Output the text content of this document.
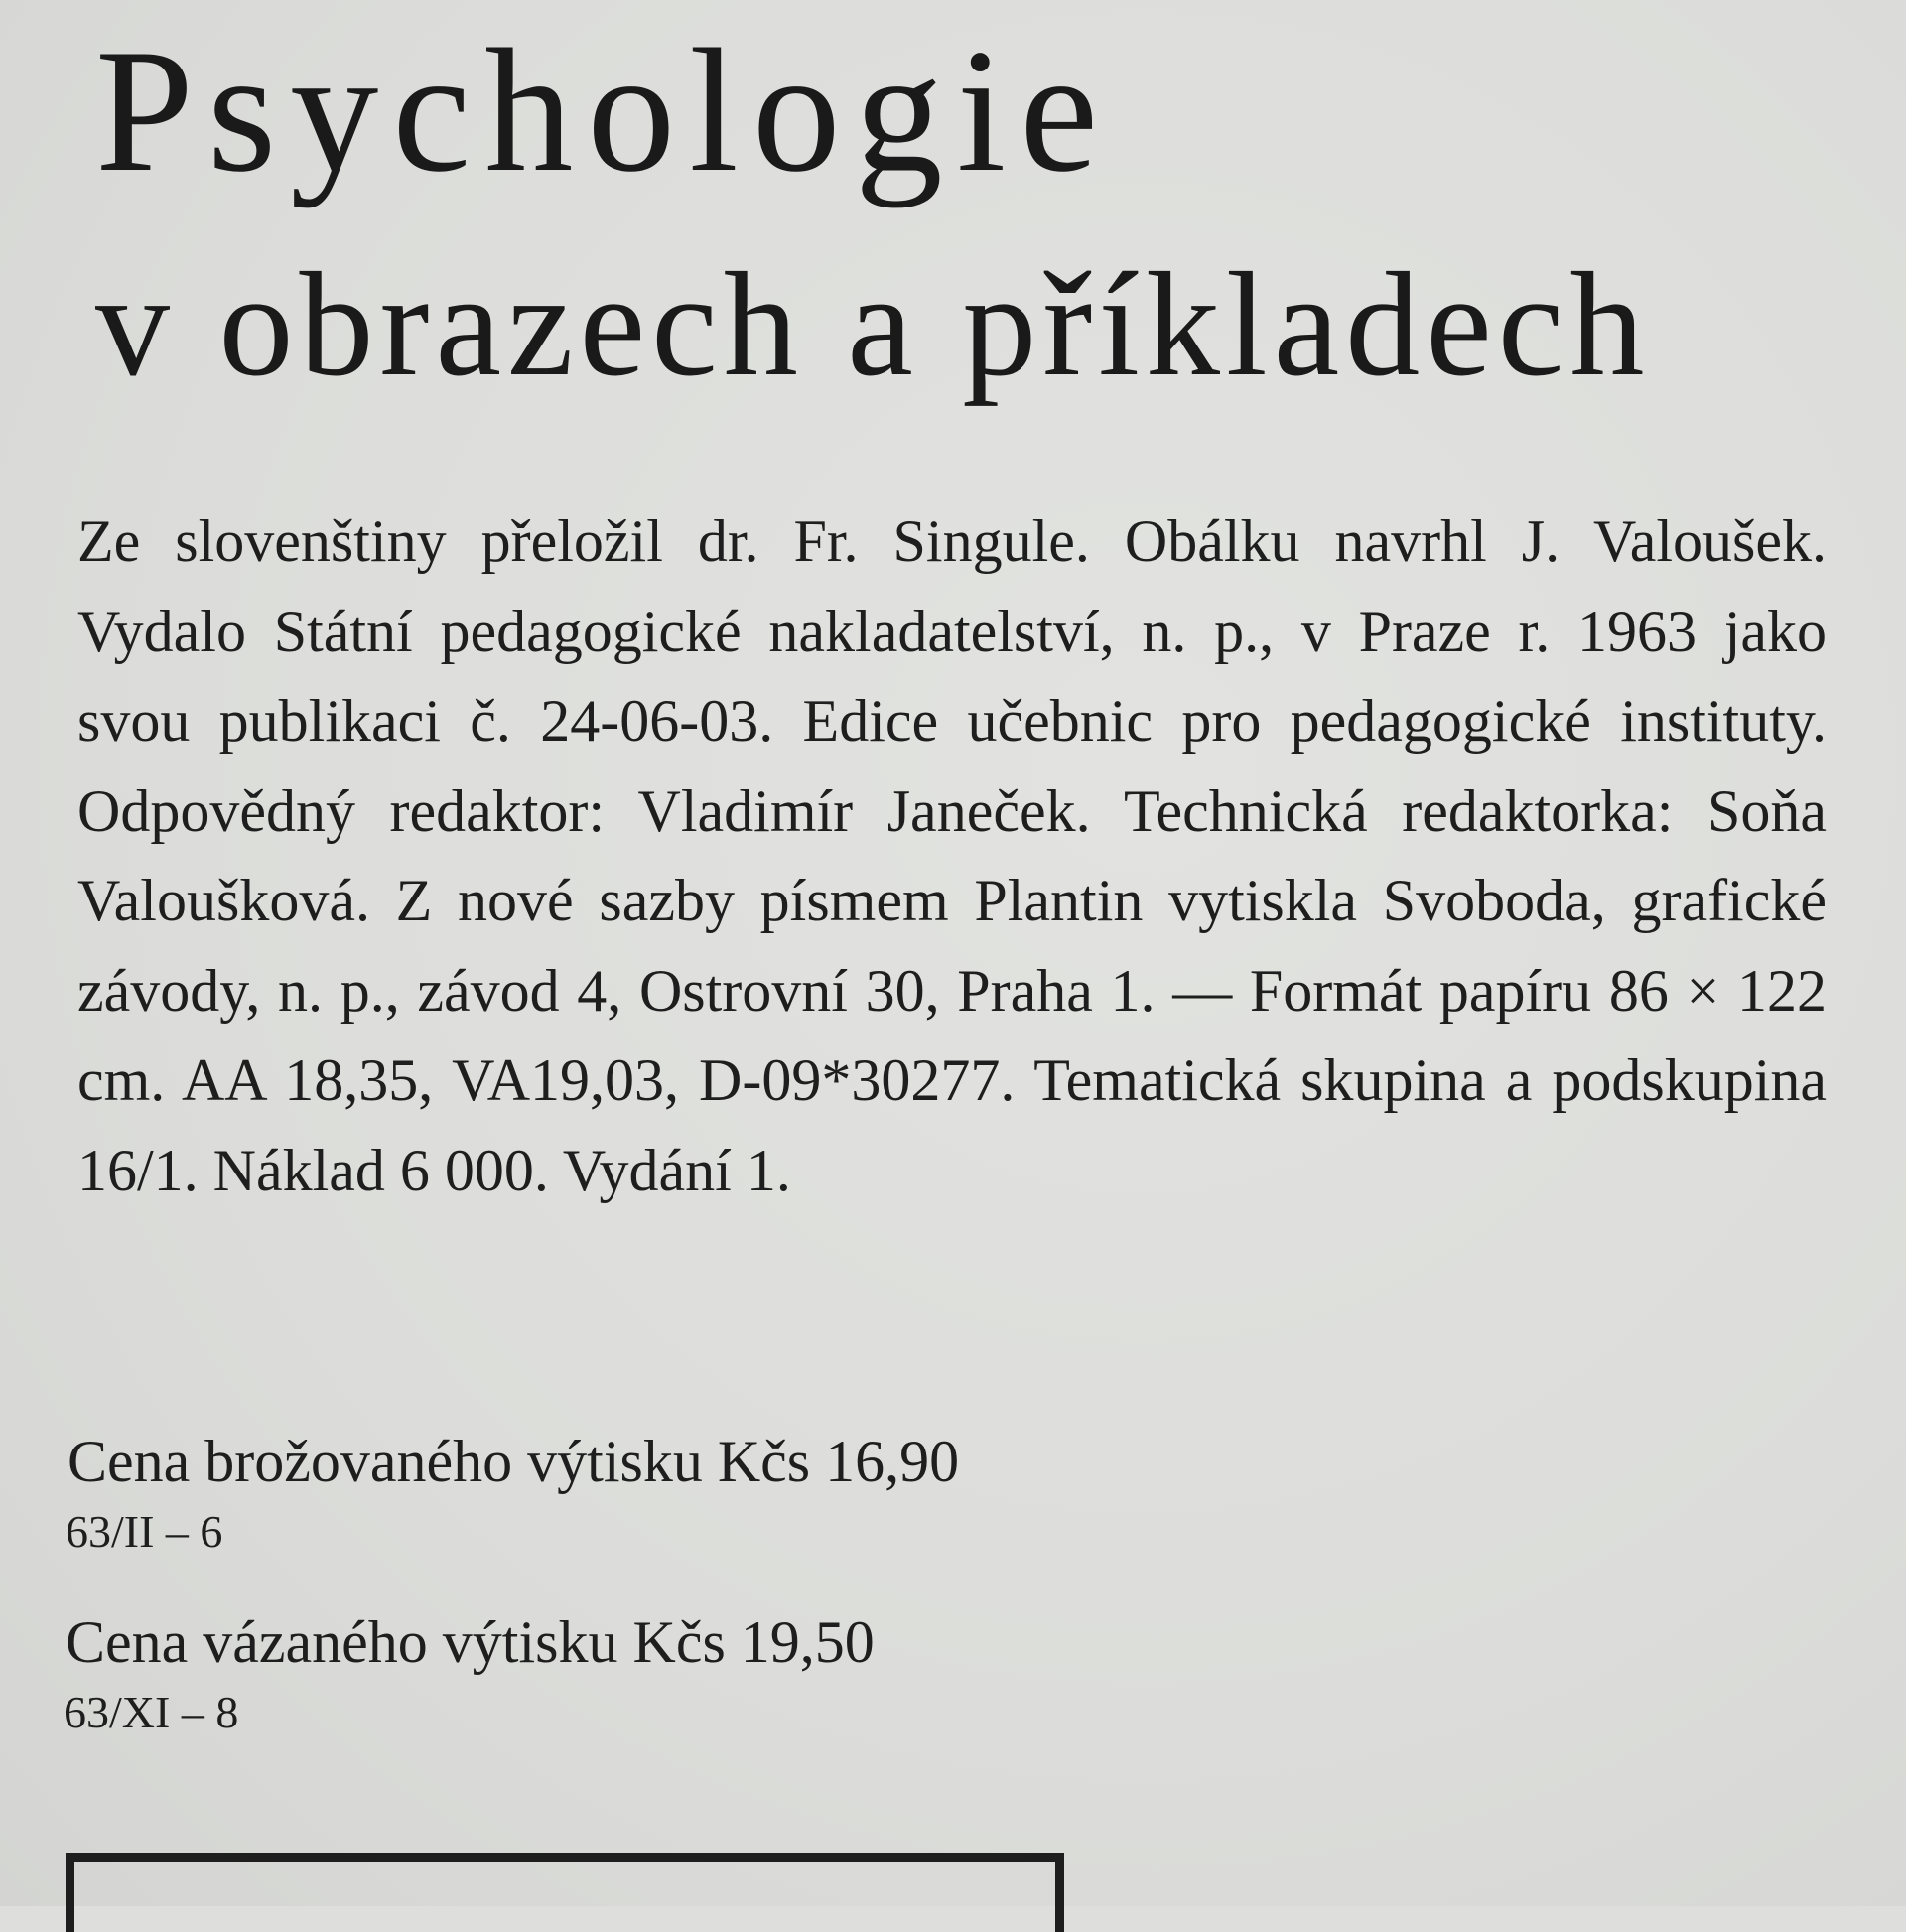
Psychologie
v obrazech a příkladech

Ze slovenštiny přeložil dr. Fr. Singule. Obálku navrhl J. Valoušek. Vydalo Státní pedagogické nakladatelství, n. p., v Praze r. 1963 jako svou publikaci č. 24-06-03. Edice učebnic pro pedagogické instituty. Odpovědný redaktor: Vladimír Janeček. Technická redaktorka: Soňa Valoušková. Z nové sazby písmem Plantin vytiskla Svoboda, grafické závody, n. p., závod 4, Ostrovní 30, Praha 1. — Formát papíru 86 × 122 cm. AA 18,35, VA19,03, D-09*30277. Tematická skupina a podskupina 16/1. Náklad 6 000. Vydání 1.

Cena brožovaného výtisku Kčs 16,90
63/II – 6
Cena vázaného výtisku Kčs 19,50
63/XI – 8
